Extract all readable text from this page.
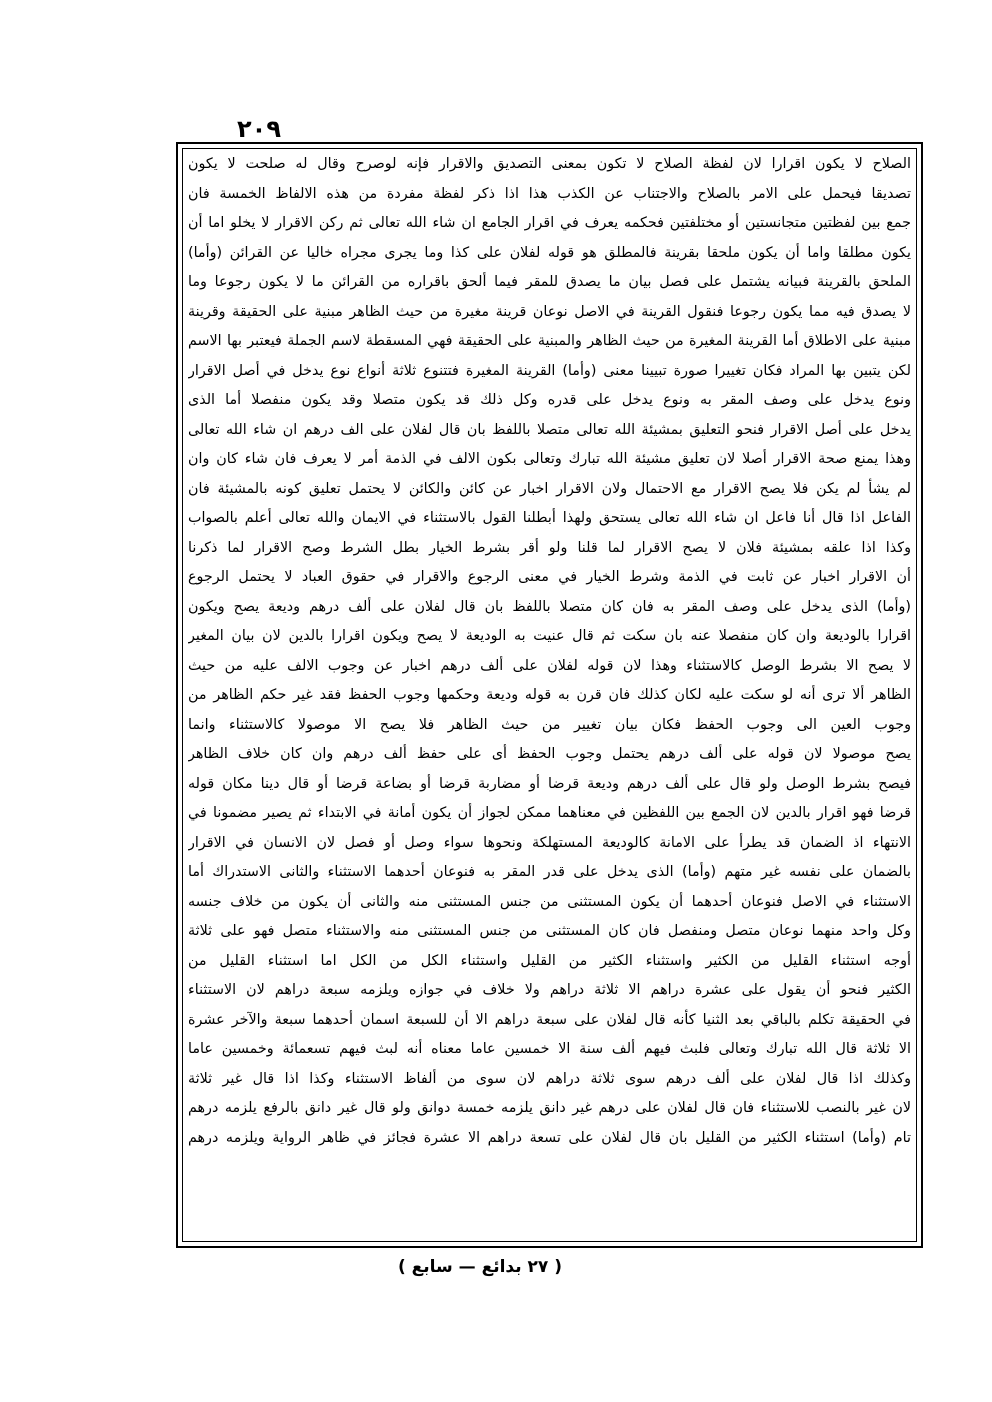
٢٠٩
الصلاح لا يكون اقرارا لان لفظة الصلاح لا تكون بمعنى التصديق والاقرار فإنه لوصرح وقال له صلحت لا يكون
تصديقا فيحمل على الامر بالصلاح والاجتناب عن الكذب هذا اذا ذكر لفظة مفردة من هذه الالفاظ الخمسة فان
جمع بين لفظتين متجانستين أو مختلفتين فحكمه يعرف في اقرار الجامع ان شاء الله تعالى ثم ركن الاقرار لا يخلو اما أن
يكون مطلقا واما أن يكون ملحقا بقرينة فالمطلق هو قوله لفلان على كذا وما يجرى مجراه خاليا عن القرائن (وأما)
الملحق بالقرينة فبيانه يشتمل على فصل بيان ما يصدق للمقر فيما ألحق باقراره من القرائن ما لا يكون رجوعا وما
لا يصدق فيه مما يكون رجوعا فنقول القرينة في الاصل نوعان قرينة مغيرة من حيث الظاهر مبنية على الحقيقة وقرينة
مبنية على الاطلاق أما القرينة المغيرة من حيث الظاهر والمبنية على الحقيقة فهي المسقطة لاسم الجملة فيعتبر بها الاسم
لكن يتبين بها المراد فكان تغييرا صورة تبيينا معنى (وأما) القرينة المغيرة فتتنوع ثلاثة أنواع نوع يدخل في أصل الاقرار
ونوع يدخل على وصف المقر به ونوع يدخل على قدره وكل ذلك قد يكون متصلا وقد يكون منفصلا أما الذى
يدخل على أصل الاقرار فنحو التعليق بمشيئة الله تعالى متصلا باللفظ بان قال لفلان على الف درهم ان شاء الله تعالى
وهذا يمنع صحة الاقرار أصلا لان تعليق مشيئة الله تبارك وتعالى بكون الالف في الذمة أمر لا يعرف فان شاء كان وان
لم يشأ لم يكن فلا يصح الاقرار مع الاحتمال ولان الاقرار اخبار عن كائن والكائن لا يحتمل تعليق كونه بالمشيئة فان
الفاعل اذا قال أنا فاعل ان شاء الله تعالى يستحق ولهذا أبطلنا القول بالاستثناء في الايمان والله تعالى أعلم بالصواب
وكذا اذا علقه بمشيئة فلان لا يصح الاقرار لما قلنا ولو أقر بشرط الخيار بطل الشرط وصح الاقرار لما ذكرنا
أن الاقرار اخبار عن ثابت في الذمة وشرط الخيار في معنى الرجوع والاقرار في حقوق العباد لا يحتمل الرجوع
(وأما) الذى يدخل على وصف المقر به فان كان متصلا باللفظ بان قال لفلان على ألف درهم وديعة يصح ويكون
اقرارا بالوديعة وان كان منفصلا عنه بان سكت ثم قال عنيت به الوديعة لا يصح ويكون اقرارا بالدين لان بيان المغير
لا يصح الا بشرط الوصل كالاستثناء وهذا لان قوله لفلان على ألف درهم اخبار عن وجوب الالف عليه من حيث
الظاهر ألا ترى أنه لو سكت عليه لكان كذلك فان قرن به قوله وديعة وحكمها وجوب الحفظ فقد غير حكم الظاهر من
وجوب العين الى وجوب الحفظ فكان بيان تغيير من حيث الظاهر فلا يصح الا موصولا كالاستثناء وانما
يصح موصولا لان قوله على ألف درهم يحتمل وجوب الحفظ أى على حفظ ألف درهم وان كان خلاف الظاهر
فيصح بشرط الوصل ولو قال على ألف درهم وديعة قرضا أو مضاربة قرضا أو بضاعة قرضا أو قال دينا مكان قوله
قرضا فهو اقرار بالدين لان الجمع بين اللفظين في معناهما ممكن لجواز أن يكون أمانة في الابتداء ثم يصير مضمونا في
الانتهاء اذ الضمان قد يطرأ على الامانة كالوديعة المستهلكة ونحوها سواء وصل أو فصل لان الانسان في الاقرار
بالضمان على نفسه غير متهم (وأما) الذى يدخل على قدر المقر به فنوعان أحدهما الاستثناء والثانى الاستدراك أما
الاستثناء في الاصل فنوعان أحدهما أن يكون المستثنى من جنس المستثنى منه والثانى أن يكون من خلاف جنسه
وكل واحد منهما نوعان متصل ومنفصل فان كان المستثنى من جنس المستثنى منه والاستثناء متصل فهو على ثلاثة
أوجه استثناء القليل من الكثير واستثناء الكثير من القليل واستثناء الكل من الكل اما استثناء القليل من
الكثير فنحو أن يقول على عشرة دراهم الا ثلاثة دراهم ولا خلاف في جوازه ويلزمه سبعة دراهم لان الاستثناء
في الحقيقة تكلم بالباقي بعد الثنيا كأنه قال لفلان على سبعة دراهم الا أن للسبعة اسمان أحدهما سبعة والآخر عشرة
الا ثلاثة قال الله تبارك وتعالى فلبث فيهم ألف سنة الا خمسين عاما معناه أنه لبث فيهم تسعمائة وخمسين عاما
وكذلك اذا قال لفلان على ألف درهم سوى ثلاثة دراهم لان سوى من ألفاظ الاستثناء وكذا اذا قال غير ثلاثة
لان غير بالنصب للاستثناء فان قال لفلان على درهم غير دانق يلزمه خمسة دوانق ولو قال غير دانق بالرفع يلزمه درهم
تام (وأما) استثناء الكثير من القليل بان قال لفلان على تسعة دراهم الا عشرة فجائز في ظاهر الرواية ويلزمه درهم
( ٢٧ بدائع — سابع )
